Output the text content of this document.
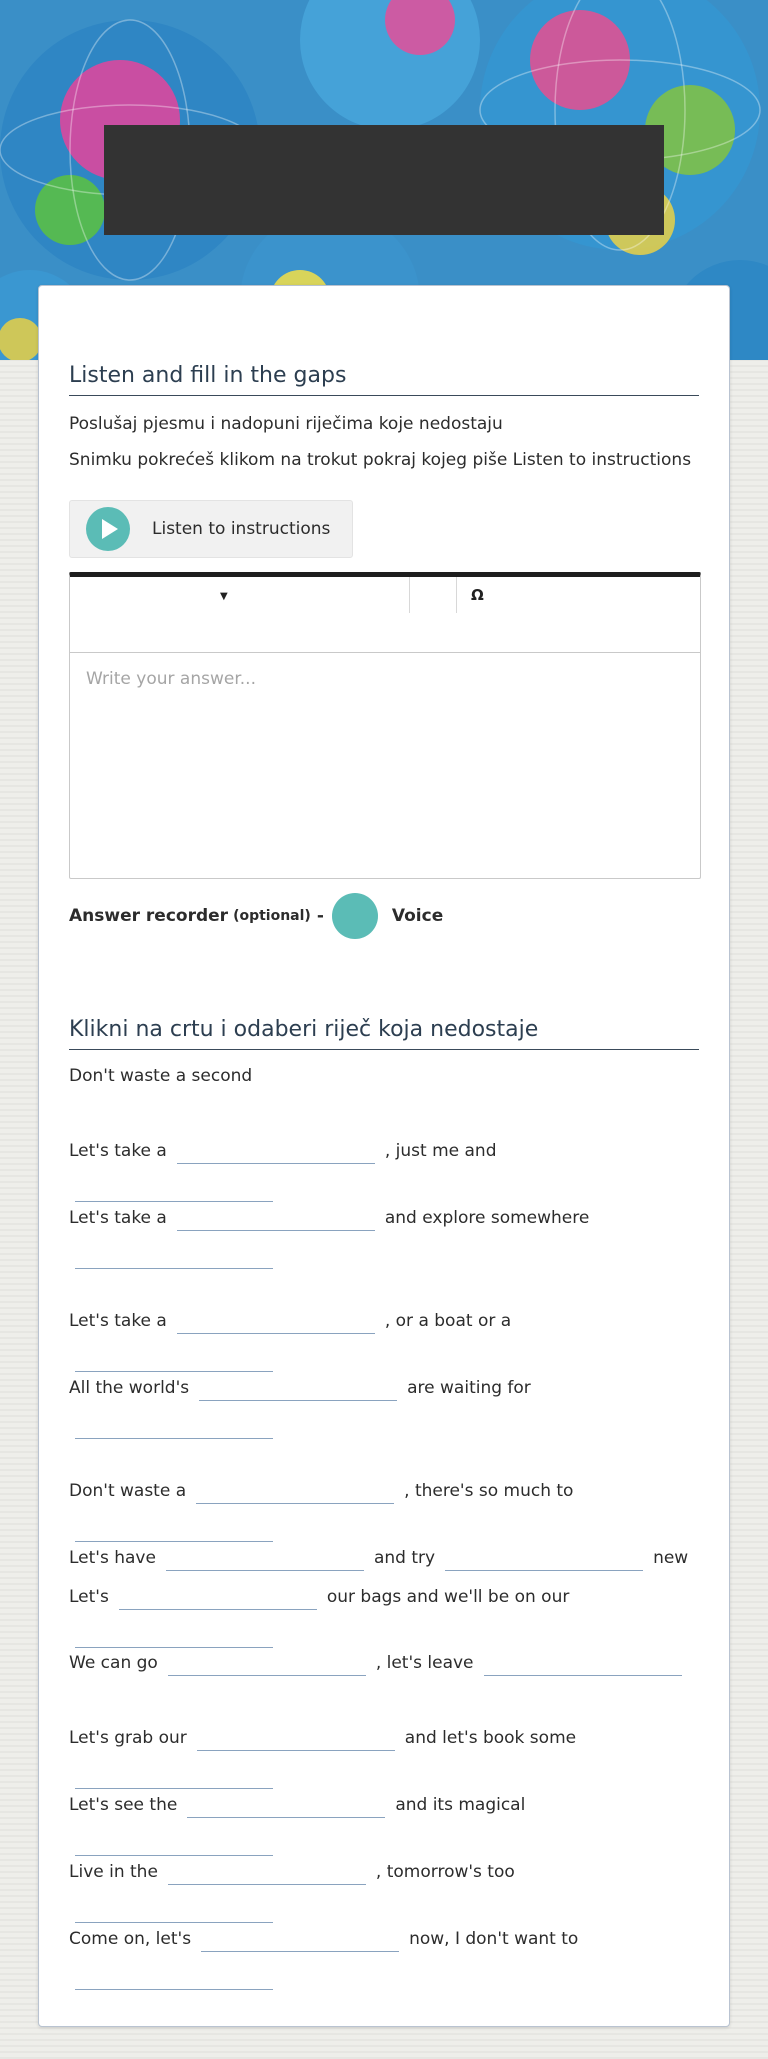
Listen and fill in the gaps

Poslušaj pjesmu i nadopuni riječima koje nedostaju

Snimku pokrećeš klikom na trokut pokraj kojeg piše Listen to instructions

Listen to instructions
▼	Ω
Write your answer...
Answer recorder (optional) -	Voice
Klikni na crtu i odaberi riječ koja nedostaje

Don't waste a second

Let's take a	, just me and
Let's take a	and explore somewhere
Let's take a	, or a boat or a
All the world's	are waiting for
Don't waste a	, there's so much to
Let's have	and try	new
Let's	our bags and we'll be on our
We can go	, let's leave
Let's grab our	and let's book some
Let's see the	and its magical
Live in the	, tomorrow's too
Come on, let's	now, I don't want to
